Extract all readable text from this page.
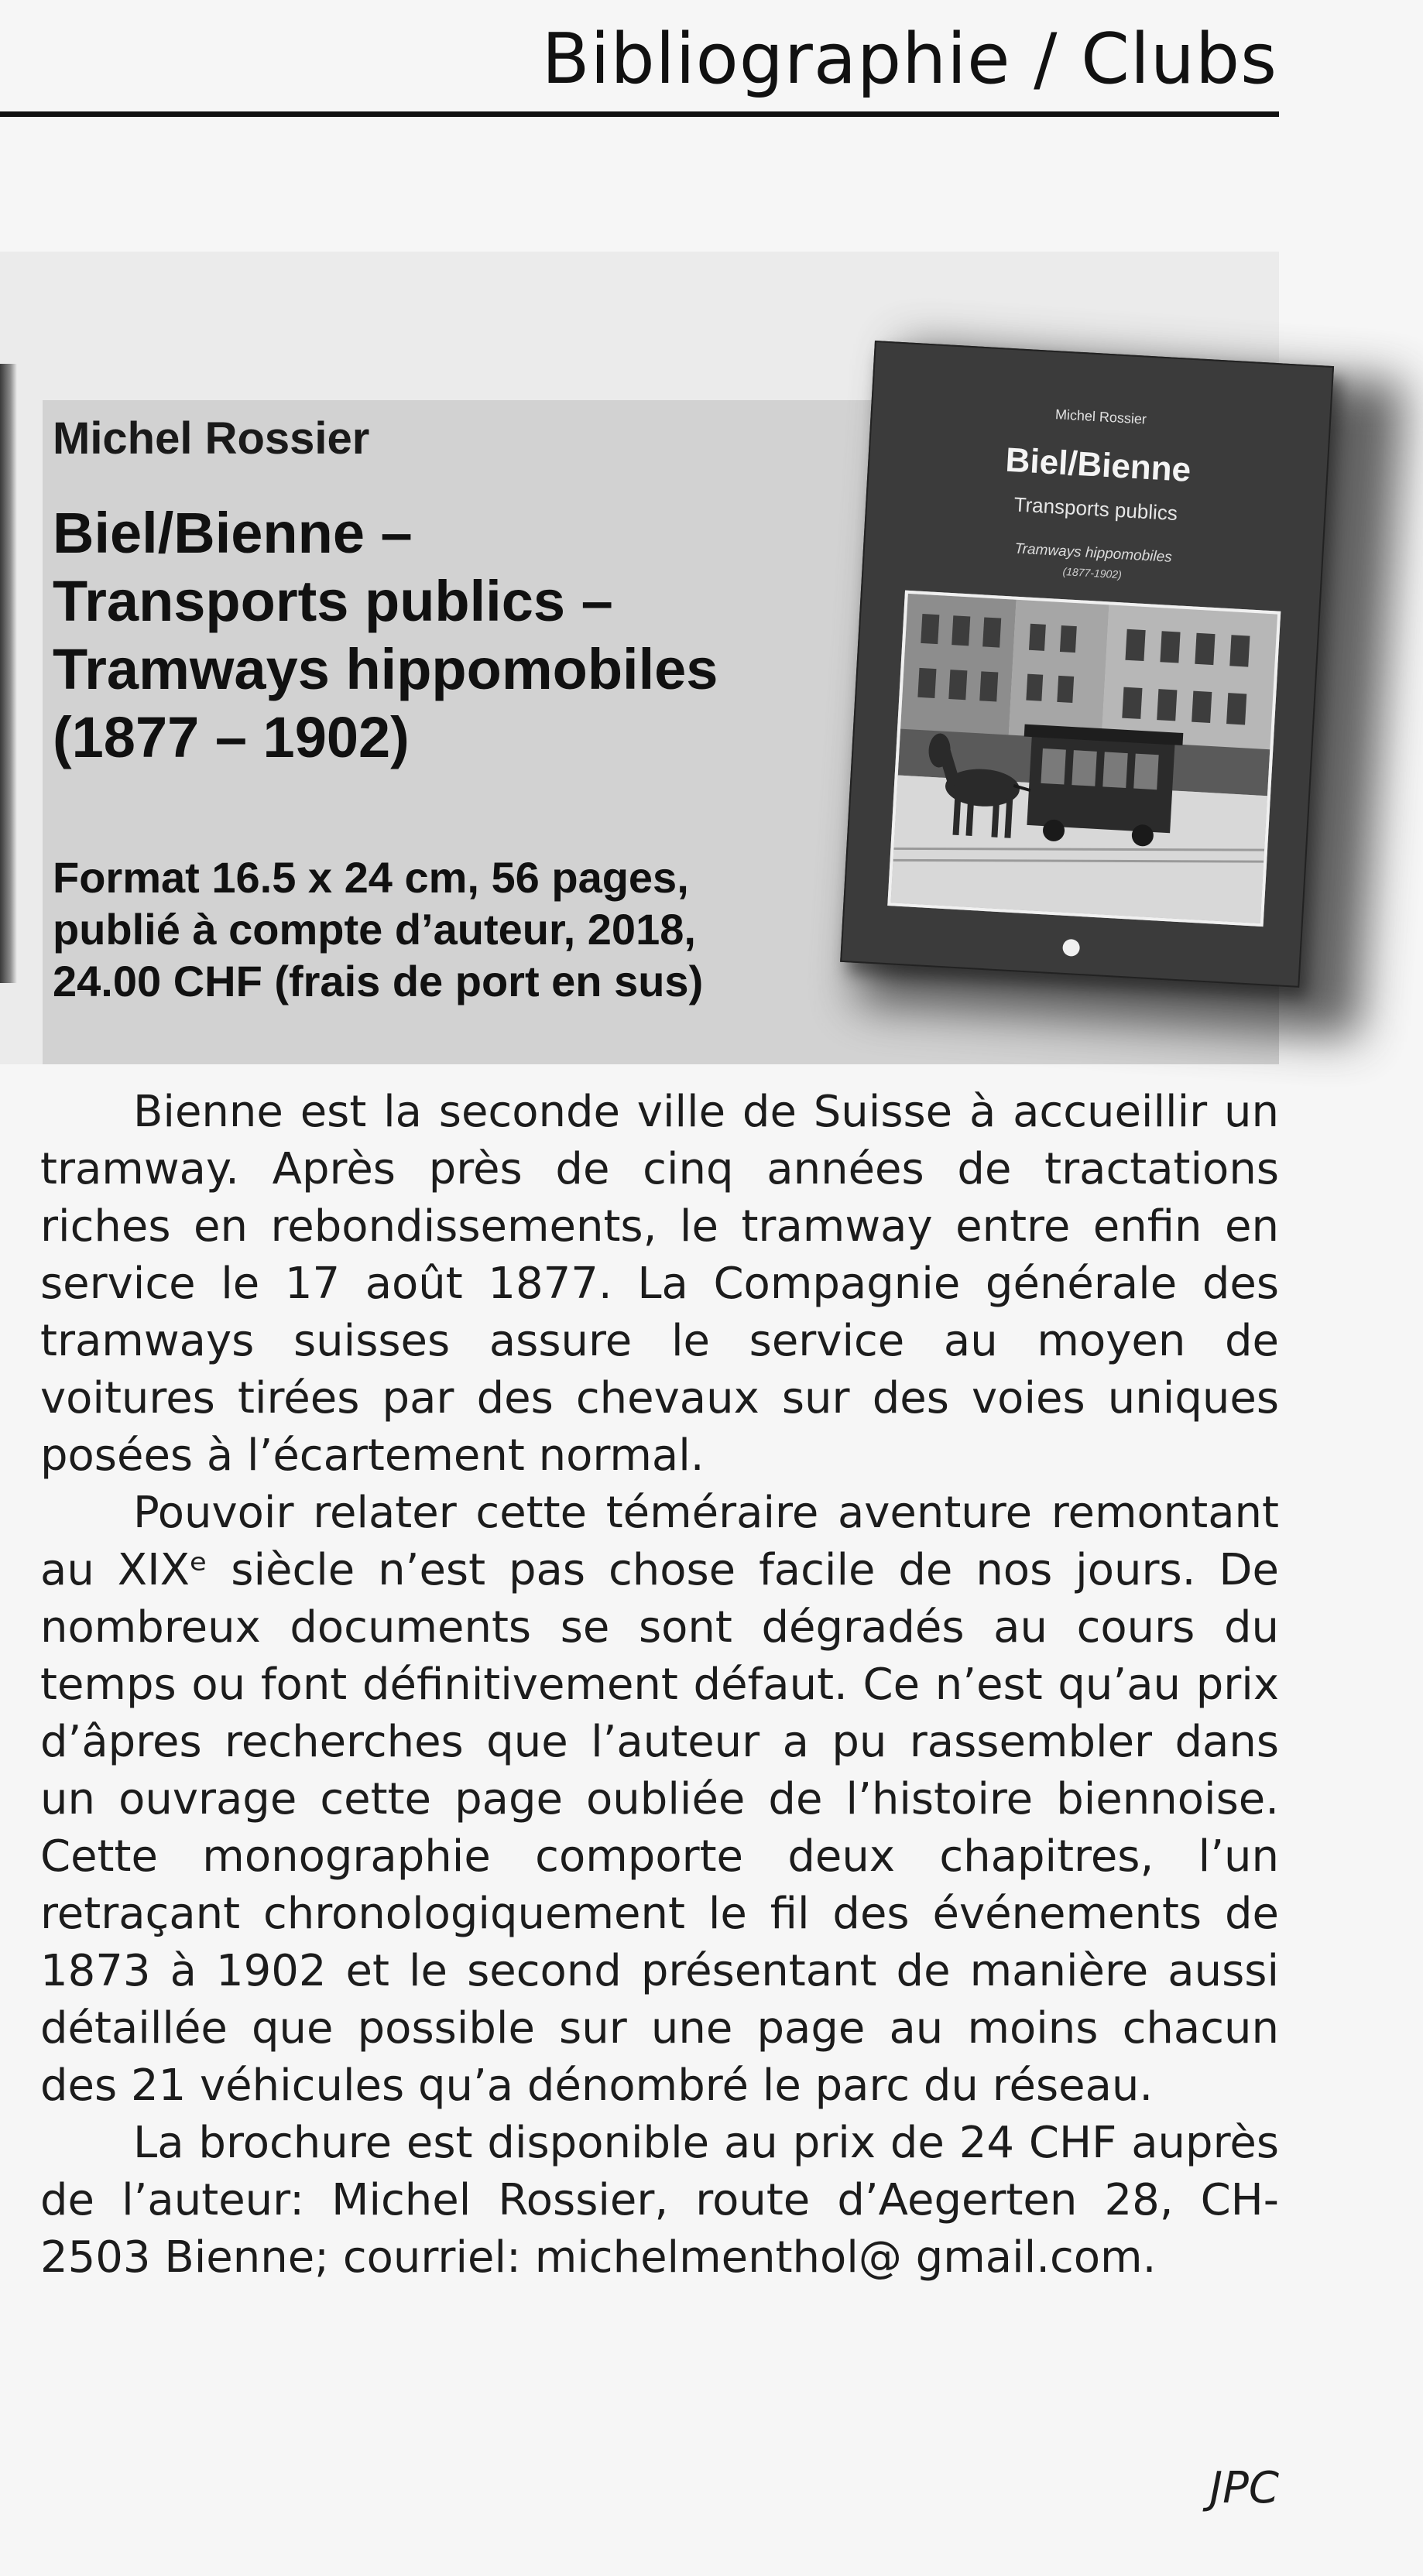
Bibliographie / Clubs
Michel Rossier
Biel/Bienne –
Transports publics –
Tramways hippomobiles
(1877 – 1902)
Format 16.5 x 24 cm, 56 pages,
publié à compte d’auteur, 2018,
24.00 CHF (frais de port en sus)
Michel Rossier
Biel/Bienne
Transports publics
Tramways hippomobiles
(1877-1902)

Bienne est la seconde ville de Suisse à accueillir un tramway. Après près de cinq années de tractations riches en rebondissements, le tramway entre enfin en service le 17 août 1877. La Compagnie générale des tramways suisses assure le service au moyen de voitures tirées par des chevaux sur des voies uniques posées à l’écartement normal.

Pouvoir relater cette téméraire aventure remontant au XIXᵉ siècle n’est pas chose facile de nos jours. De nombreux documents se sont dégradés au cours du temps ou font définitivement défaut. Ce n’est qu’au prix d’âpres recherches que l’auteur a pu rassembler dans un ouvrage cette page oubliée de l’histoire biennoise. Cette monographie comporte deux chapitres, l’un retraçant chronologiquement le fil des événements de 1873 à 1902 et le second présentant de manière aussi détaillée que possible sur une page au moins chacun des 21 véhicules qu’a dénombré le parc du réseau.

La brochure est disponible au prix de 24 CHF auprès de l’auteur: Michel Rossier, route d’Aegerten 28, CH-2503 Bienne; courriel: michelmenthol@ gmail.com.

JPC
